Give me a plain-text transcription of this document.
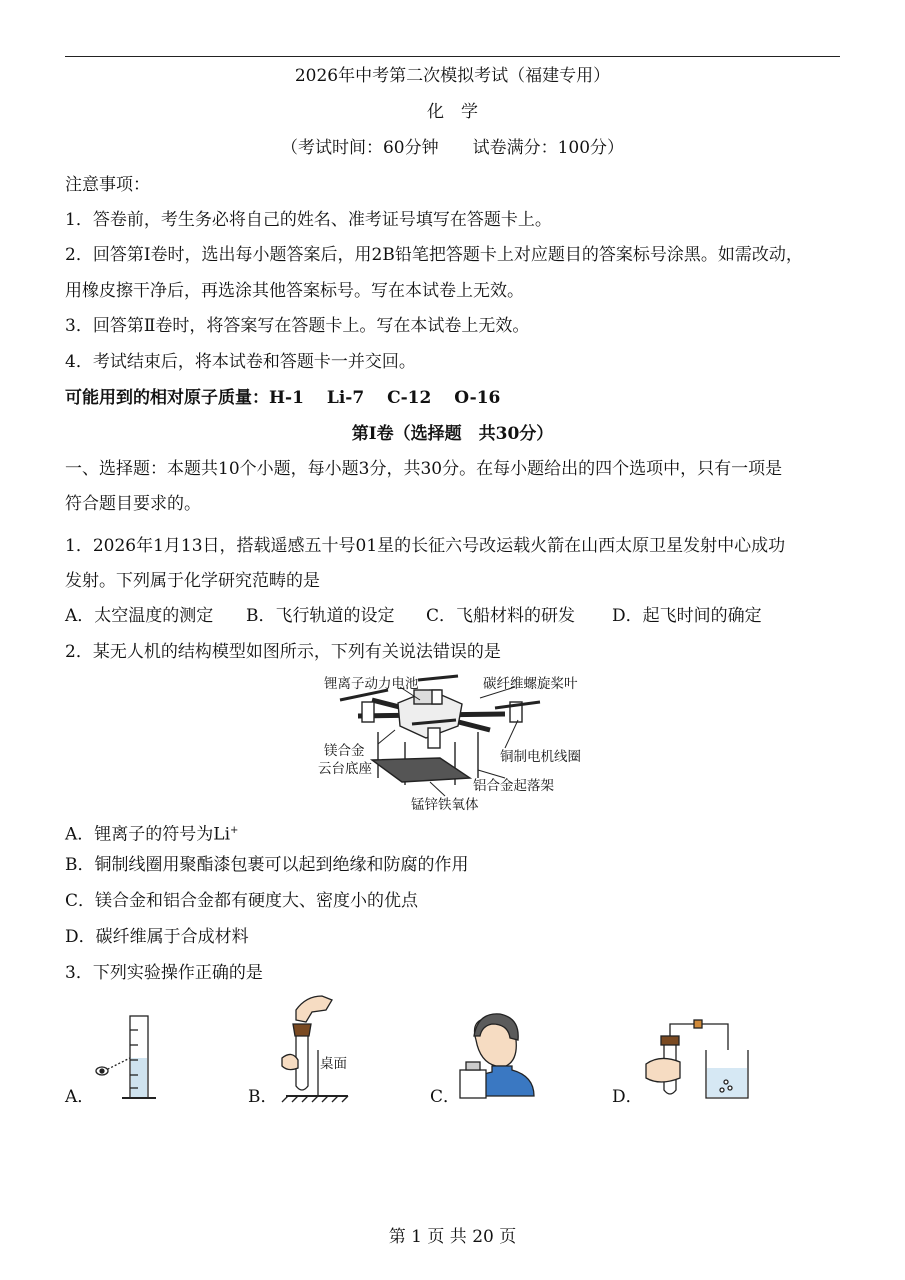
2026年中考第二次模拟考试（福建专用）
化　学
（考试时间：60分钟　　试卷满分：100分）
注意事项：
1．答卷前，考生务必将自己的姓名、准考证号填写在答题卡上。
2．回答第Ⅰ卷时，选出每小题答案后，用2B铅笔把答题卡上对应题目的答案标号涂黑。如需改动，
用橡皮擦干净后，再选涂其他答案标号。写在本试卷上无效。
3．回答第Ⅱ卷时，将答案写在答题卡上。写在本试卷上无效。
4．考试结束后，将本试卷和答题卡一并交回。
可能用到的相对原子质量：H-1　 Li-7　 C-12　 O-16
第Ⅰ卷（选择题　共30分）
一、选择题：本题共10个小题，每小题3分，共30分。在每小题给出的四个选项中，只有一项是
符合题目要求的。
1．2026年1月13日，搭载遥感五十号01星的长征六号改运载火箭在山西太原卫星发射中心成功
发射。下列属于化学研究范畴的是
A．太空温度的测定 B．飞行轨道的设定 C．飞船材料的研发 D．起飞时间的确定
2．某无人机的结构模型如图所示，下列有关说法错误的是
锂离子动力电池	碳纤维螺旋桨叶
镁合金
云台底座
铜制电机线圈
铝合金起落架
锰锌铁氧体
A．锂离子的符号为Li+
B．铜制线圈用聚酯漆包裹可以起到绝缘和防腐的作用
C．镁合金和铝合金都有硬度大、密度小的优点
D．碳纤维属于合成材料
3．下列实验操作正确的是
桌面
A．	B．	C．	D．
第 1 页 共 20 页
